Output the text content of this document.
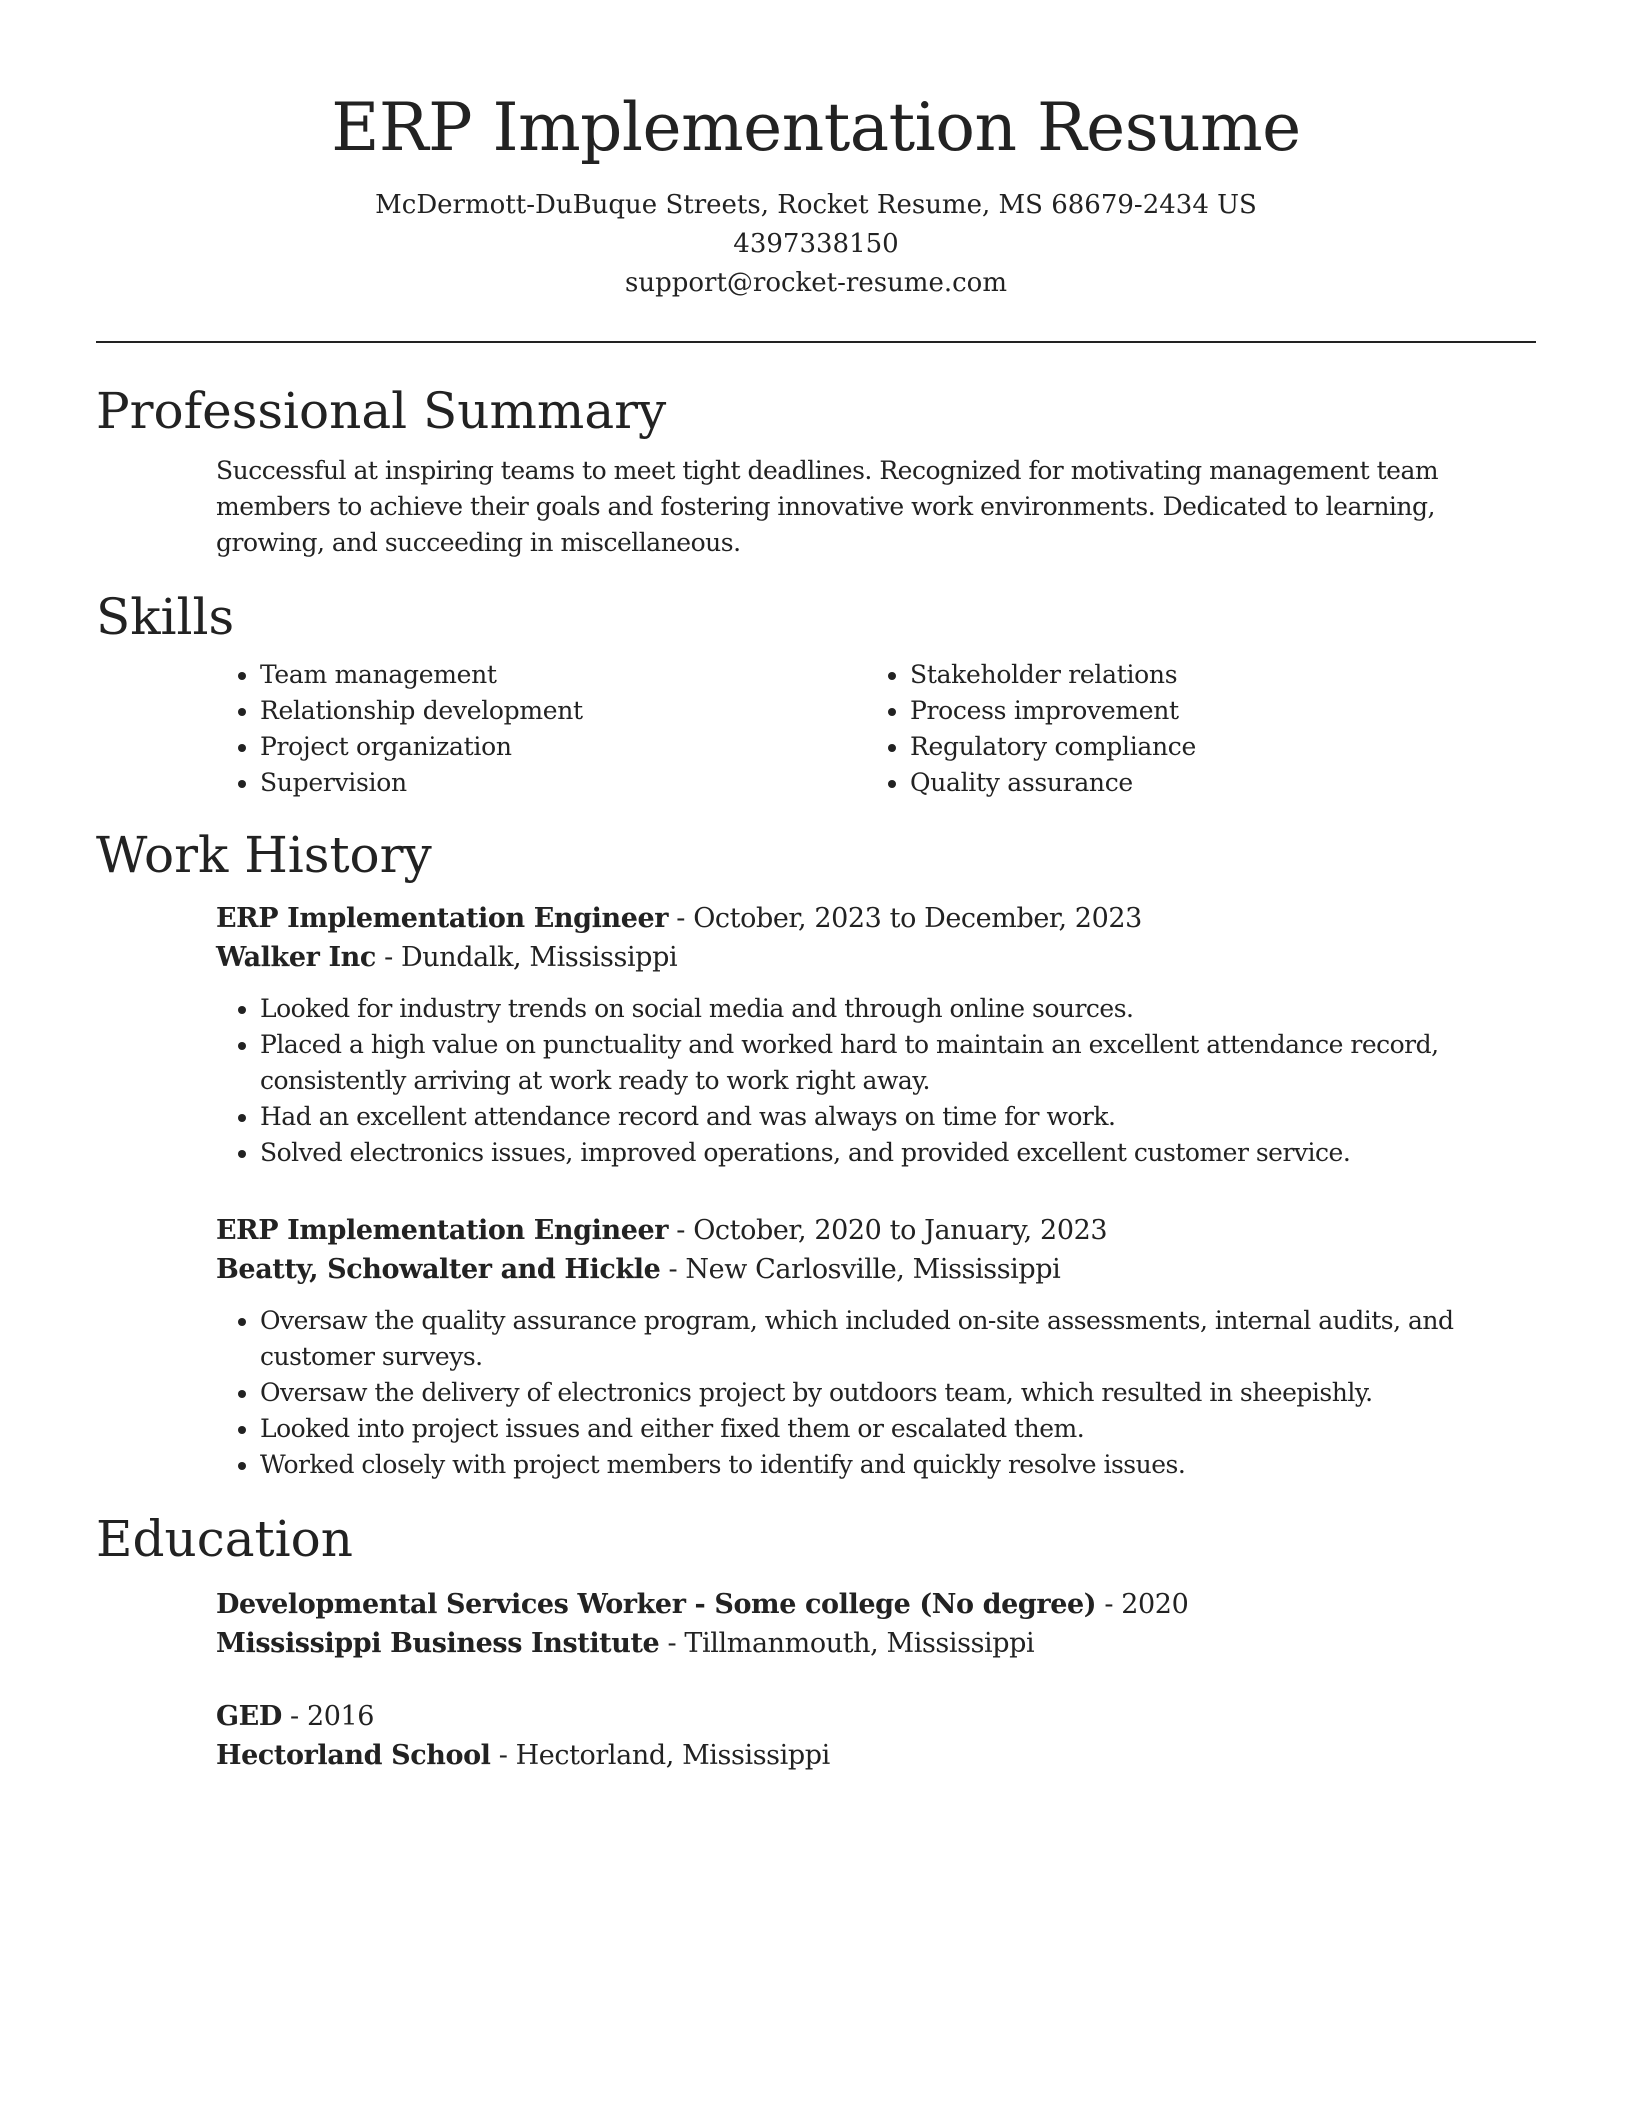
ERP Implementation Resume

McDermott-DuBuque Streets, Rocket Resume, MS 68679-2434 US

4397338150

support@rocket-resume.com

Professional Summary

Successful at inspiring teams to meet tight deadlines. Recognized for motivating management team members to achieve their goals and fostering innovative work environments. Dedicated to learning, growing, and succeeding in miscellaneous.

Skills
• Team management
• Relationship development
• Project organization
• Supervision
• Stakeholder relations
• Process improvement
• Regulatory compliance
• Quality assurance
Work History

ERP Implementation Engineer - October, 2023 to December, 2023

Walker Inc - Dundalk, Mississippi

• Looked for industry trends on social media and through online sources.
• Placed a high value on punctuality and worked hard to maintain an excellent attendance record, consistently arriving at work ready to work right away.
• Had an excellent attendance record and was always on time for work.
• Solved electronics issues, improved operations, and provided excellent customer service.

ERP Implementation Engineer - October, 2020 to January, 2023

Beatty, Schowalter and Hickle - New Carlosville, Mississippi

• Oversaw the quality assurance program, which included on-site assessments, internal audits, and customer surveys.
• Oversaw the delivery of electronics project by outdoors team, which resulted in sheepishly.
• Looked into project issues and either fixed them or escalated them.
• Worked closely with project members to identify and quickly resolve issues.
Education

Developmental Services Worker - Some college (No degree) - 2020

Mississippi Business Institute - Tillmanmouth, Mississippi

GED - 2016

Hectorland School - Hectorland, Mississippi
